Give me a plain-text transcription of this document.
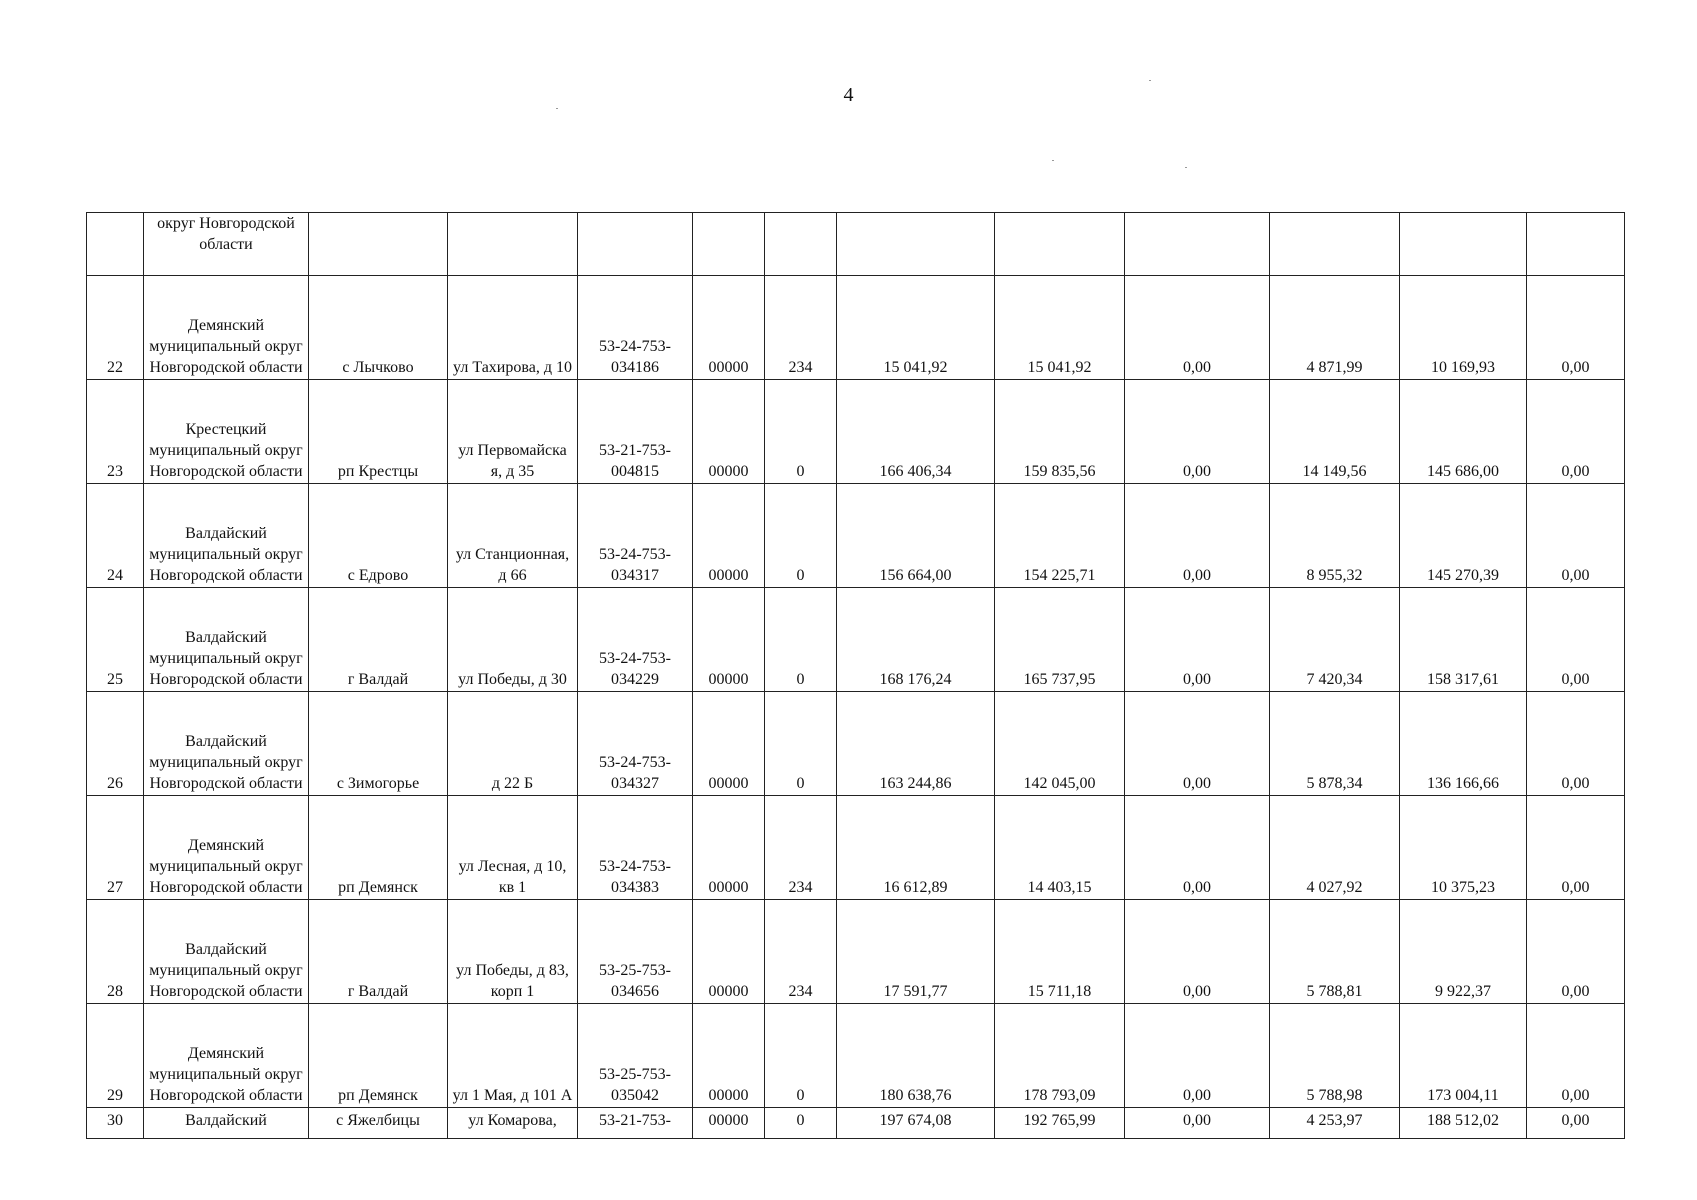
4
	округ Новгородской области											
22	Демянский муниципальный округ Новгородской области	с Лычково	ул Тахирова, д 10	53-24-753-034186	00000	234	15 041,92	15 041,92	0,00	4 871,99	10 169,93	0,00
23	Крестецкий муниципальный округ Новгородской области	рп Крестцы	ул Первомайска я, д 35	53-21-753-004815	00000	0	166 406,34	159 835,56	0,00	14 149,56	145 686,00	0,00
24	Валдайский муниципальный округ Новгородской области	с Едрово	ул Станционная, д 66	53-24-753-034317	00000	0	156 664,00	154 225,71	0,00	8 955,32	145 270,39	0,00
25	Валдайский муниципальный округ Новгородской области	г Валдай	ул Победы, д 30	53-24-753-034229	00000	0	168 176,24	165 737,95	0,00	7 420,34	158 317,61	0,00
26	Валдайский муниципальный округ Новгородской области	с Зимогорье	д 22 Б	53-24-753-034327	00000	0	163 244,86	142 045,00	0,00	5 878,34	136 166,66	0,00
27	Демянский муниципальный округ Новгородской области	рп Демянск	ул Лесная, д 10, кв 1	53-24-753-034383	00000	234	16 612,89	14 403,15	0,00	4 027,92	10 375,23	0,00
28	Валдайский муниципальный округ Новгородской области	г Валдай	ул Победы, д 83, корп 1	53-25-753-034656	00000	234	17 591,77	15 711,18	0,00	5 788,81	9 922,37	0,00
29	Демянский муниципальный округ Новгородской области	рп Демянск	ул 1 Мая, д 101 А	53-25-753-035042	00000	0	180 638,76	178 793,09	0,00	5 788,98	173 004,11	0,00
30	Валдайский	с Яжелбицы	ул Комарова,	53-21-753-	00000	0	197 674,08	192 765,99	0,00	4 253,97	188 512,02	0,00
